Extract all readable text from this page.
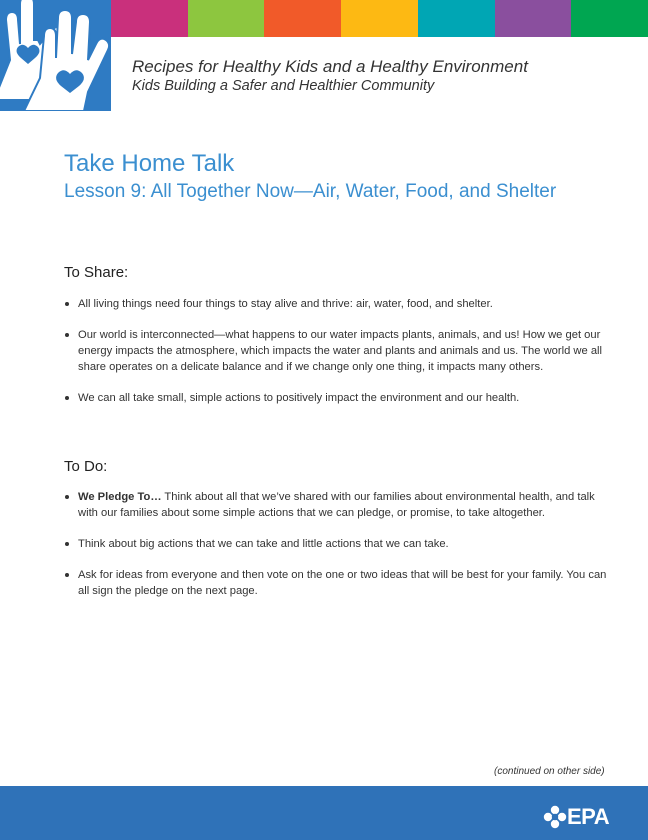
Recipes for Healthy Kids and a Healthy Environment
Kids Building a Safer and Healthier Community
Take Home Talk
Lesson 9: All Together Now—Air, Water, Food, and Shelter
To Share:
All living things need four things to stay alive and thrive: air, water, food, and shelter.
Our world is interconnected—what happens to our water impacts plants, animals, and us! How we get our energy impacts the atmosphere, which impacts the water and plants and animals and us. The world we all share operates on a delicate balance and if we change only one thing, it impacts many others.
We can all take small, simple actions to positively impact the environment and our health.
To Do:
We Pledge To… Think about all that we’ve shared with our families about environmental health, and talk with our families about some simple actions that we can pledge, or promise, to take altogether.
Think about big actions that we can take and little actions that we can take.
Ask for ideas from everyone and then vote on the one or two ideas that will be best for your family. You can all sign the pledge on the next page.
(continued on other side)
EPA
